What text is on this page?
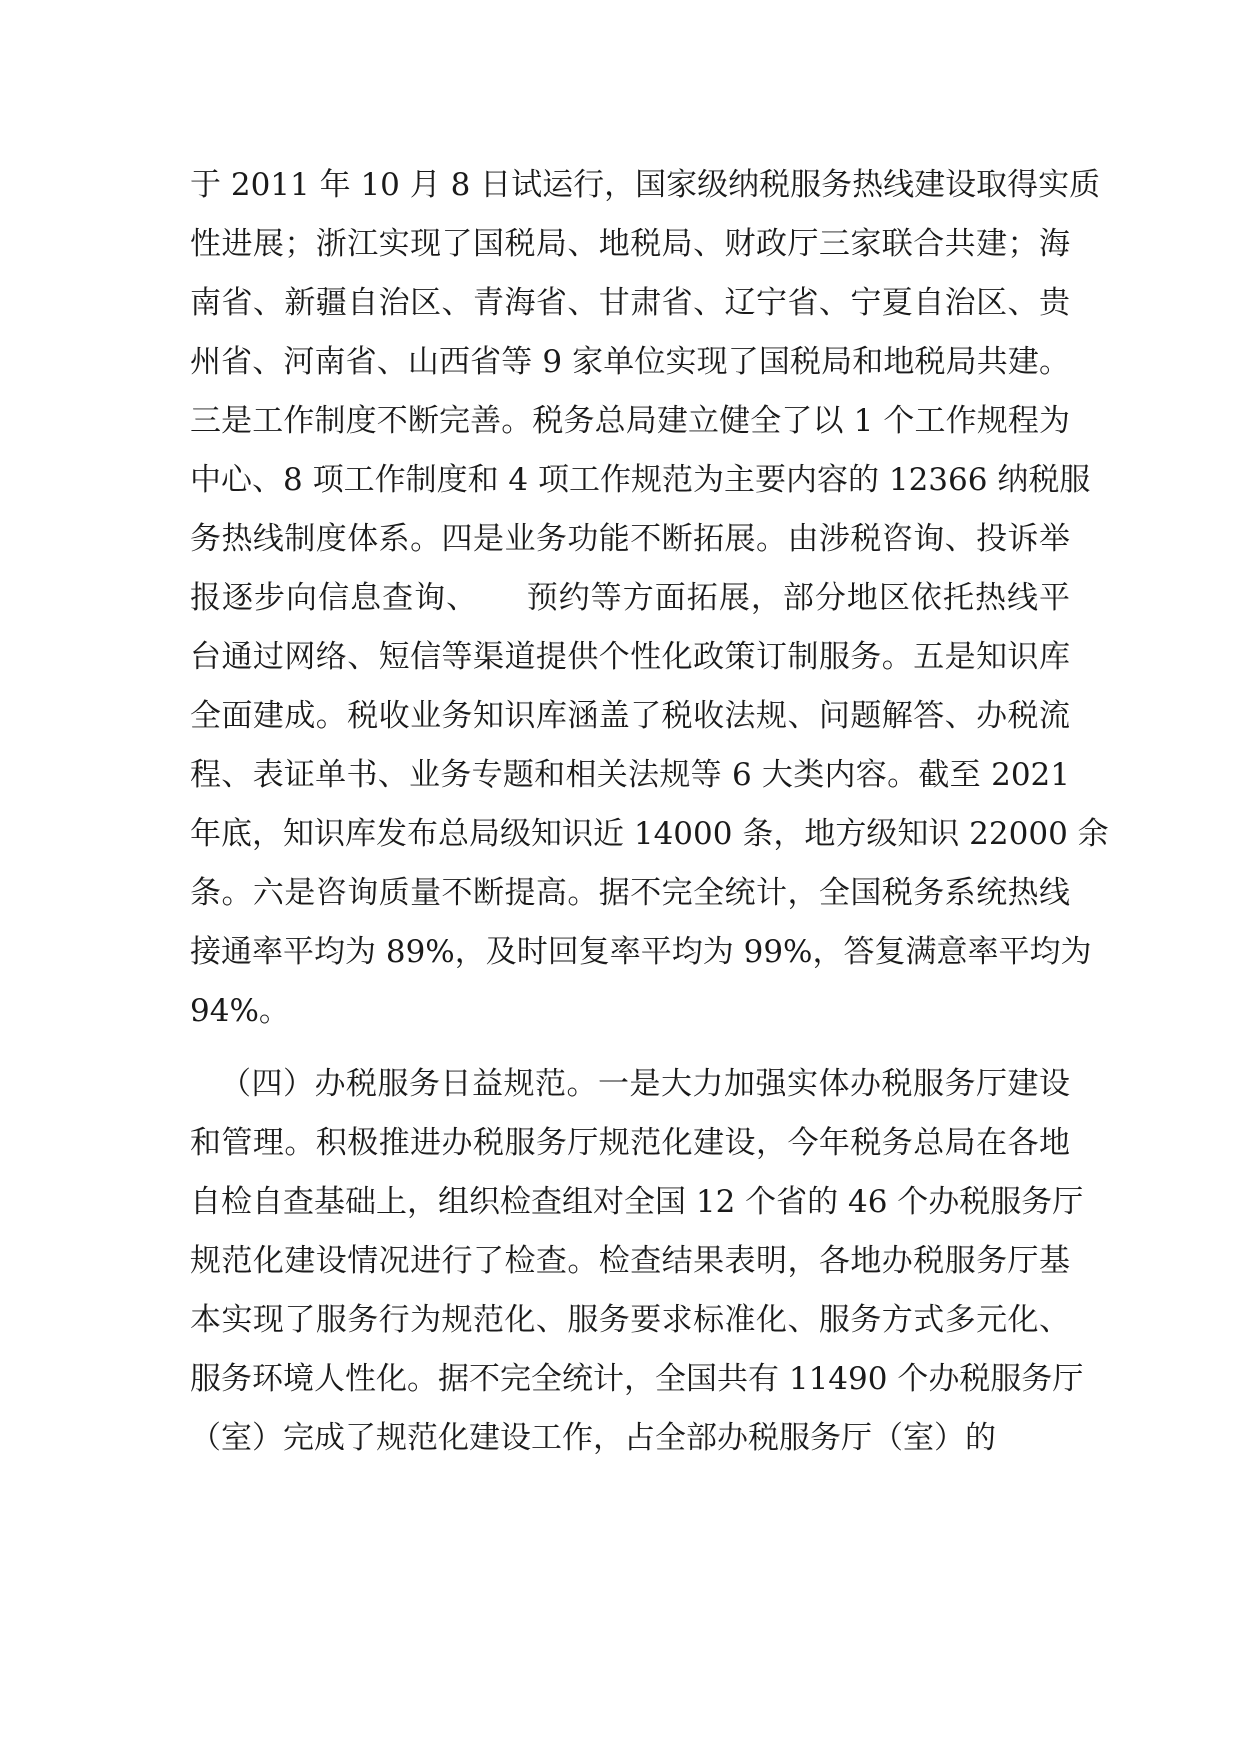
于 2011 年 10 月 8 日试运行，国家级纳税服务热线建设取得实质
性进展；浙江实现了国税局、地税局、财政厅三家联合共建；海
南省、新疆自治区、青海省、甘肃省、辽宁省、宁夏自治区、贵
州省、河南省、山西省等 9 家单位实现了国税局和地税局共建。
三是工作制度不断完善。税务总局建立健全了以 1 个工作规程为
中心、8 项工作制度和 4 项工作规范为主要内容的 12366 纳税服
务热线制度体系。四是业务功能不断拓展。由涉税咨询、投诉举
报逐步向信息查询、　　预约等方面拓展，部分地区依托热线平
台通过网络、短信等渠道提供个性化政策订制服务。五是知识库
全面建成。税收业务知识库涵盖了税收法规、问题解答、办税流
程、表证单书、业务专题和相关法规等 6 大类内容。截至 2021
年底，知识库发布总局级知识近 14000 条，地方级知识 22000 余
条。六是咨询质量不断提高。据不完全统计，全国税务系统热线
接通率平均为 89%，及时回复率平均为 99%，答复满意率平均为
94%。
（四）办税服务日益规范。一是大力加强实体办税服务厅建设
和管理。积极推进办税服务厅规范化建设，今年税务总局在各地
自检自查基础上，组织检查组对全国 12 个省的 46 个办税服务厅
规范化建设情况进行了检查。检查结果表明，各地办税服务厅基
本实现了服务行为规范化、服务要求标准化、服务方式多元化、
服务环境人性化。据不完全统计，全国共有 11490 个办税服务厅
（室）完成了规范化建设工作，占全部办税服务厅（室）的
